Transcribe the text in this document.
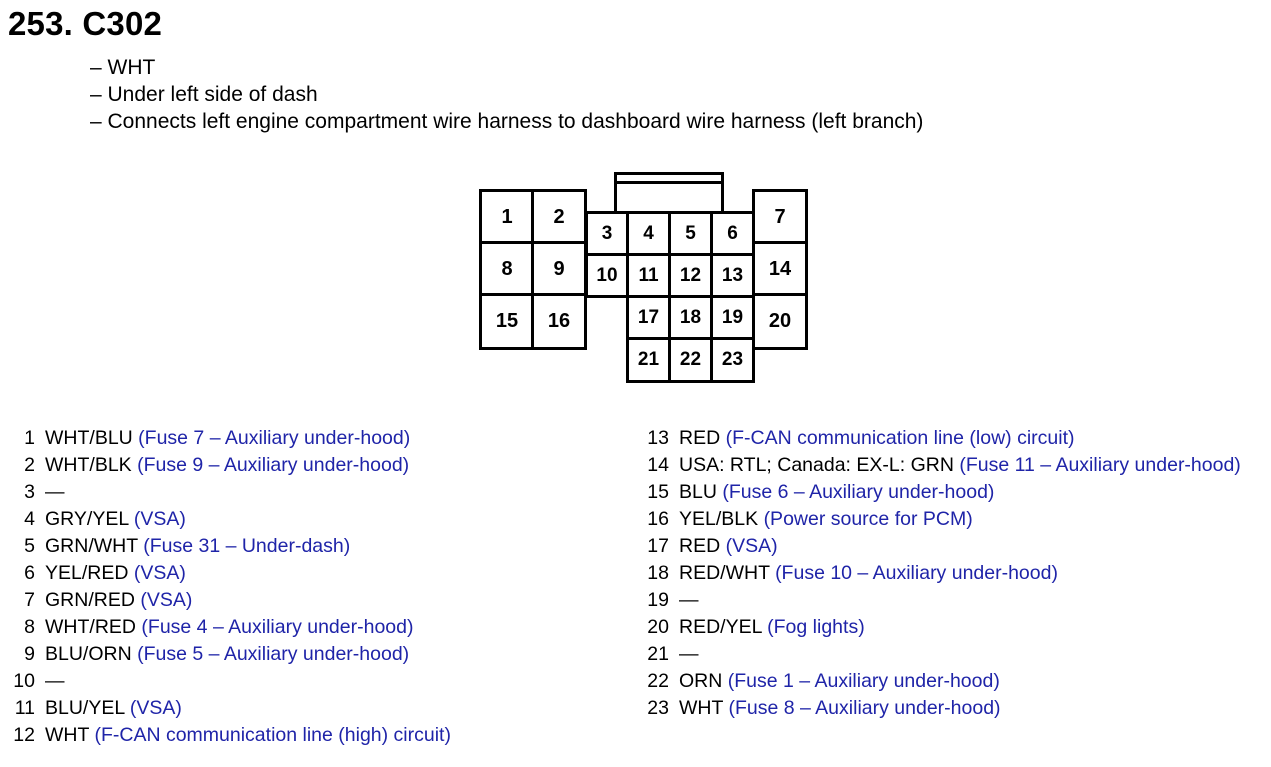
253. C302
– WHT
– Under left side of dash
– Connects left engine compartment wire harness to dashboard wire harness (left branch)
1	2
8	9
15	16
3	4	5	6
10	11	12	13
17	18	19
21	22	23
7
14
20
1 WHT/BLU (Fuse 7 – Auxiliary under-hood)
2 WHT/BLK (Fuse 9 – Auxiliary under-hood)
3 —
4 GRY/YEL (VSA)
5 GRN/WHT (Fuse 31 – Under-dash)
6 YEL/RED (VSA)
7 GRN/RED (VSA)
8 WHT/RED (Fuse 4 – Auxiliary under-hood)
9 BLU/ORN (Fuse 5 – Auxiliary under-hood)
10 —
11 BLU/YEL (VSA)
12 WHT (F-CAN communication line (high) circuit)
13 RED (F-CAN communication line (low) circuit)
14 USA: RTL; Canada: EX-L: GRN (Fuse 11 – Auxiliary under-hood)
15 BLU (Fuse 6 – Auxiliary under-hood)
16 YEL/BLK (Power source for PCM)
17 RED (VSA)
18 RED/WHT (Fuse 10 – Auxiliary under-hood)
19 —
20 RED/YEL (Fog lights)
21 —
22 ORN (Fuse 1 – Auxiliary under-hood)
23 WHT (Fuse 8 – Auxiliary under-hood)
